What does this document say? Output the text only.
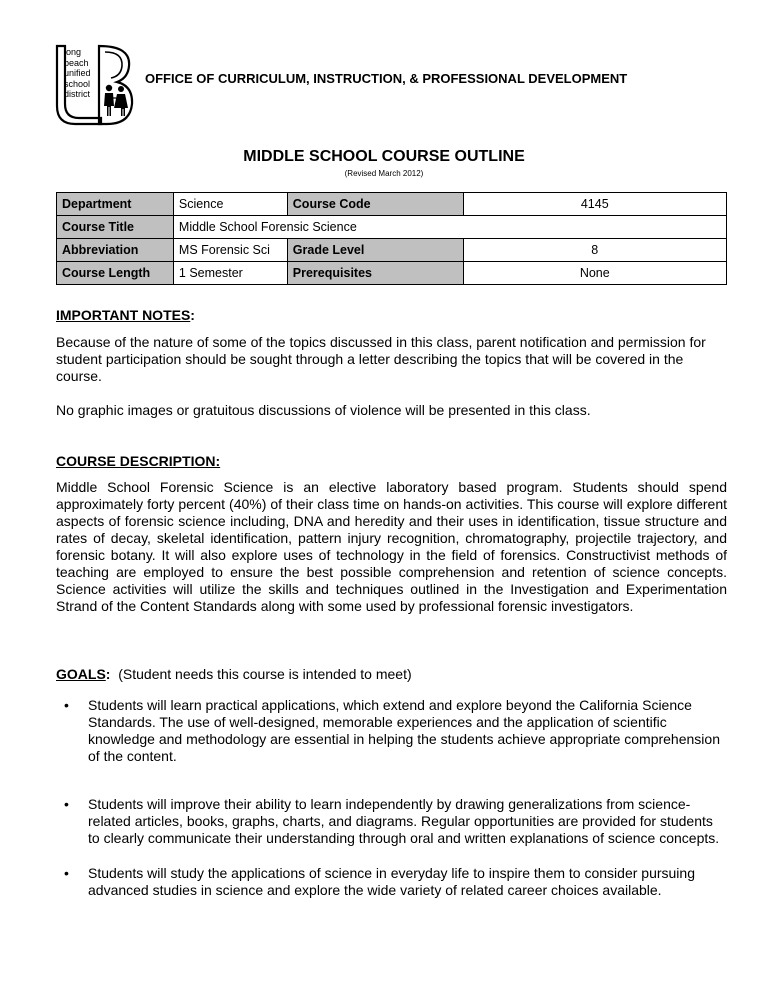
long
beach
unified
school
district
OFFICE OF CURRICULUM, INSTRUCTION, & PROFESSIONAL DEVELOPMENT
MIDDLE SCHOOL COURSE OUTLINE
(Revised March 2012)
Department	Science	Course Code	4145
Course Title	Middle School Forensic Science		
Abbreviation	MS Forensic Sci	Grade Level	8
Course Length	1 Semester	Prerequisites	None
IMPORTANT NOTES:
Because of the nature of some of the topics discussed in this class, parent notification and permission for student participation should be sought through a letter describing the topics that will be covered in the course.
No graphic images or gratuitous discussions of violence will be presented in this class.
COURSE DESCRIPTION:
Middle School Forensic Science is an elective laboratory based program. Students should spend approximately forty percent (40%) of their class time on hands-on activities. This course will explore different aspects of forensic science including, DNA and heredity and their uses in identification, tissue structure and rates of decay, skeletal identification, pattern injury recognition, chromatography, projectile trajectory, and forensic botany. It will also explore uses of technology in the field of forensics. Constructivist methods of teaching are employed to ensure the best possible comprehension and retention of science concepts. Science activities will utilize the skills and techniques outlined in the Investigation and Experimentation Strand of the Content Standards along with some used by professional forensic investigators.
GOALS:  (Student needs this course is intended to meet)
• Students will learn practical applications, which extend and explore beyond the California Science Standards. The use of well-designed, memorable experiences and the application of scientific knowledge and methodology are essential in helping the students achieve appropriate comprehension of the content.
• Students will improve their ability to learn independently by drawing generalizations from science-related articles, books, graphs, charts, and diagrams. Regular opportunities are provided for students to clearly communicate their understanding through oral and written explanations of science concepts.
• Students will study the applications of science in everyday life to inspire them to consider pursuing advanced studies in science and explore the wide variety of related career choices available.
